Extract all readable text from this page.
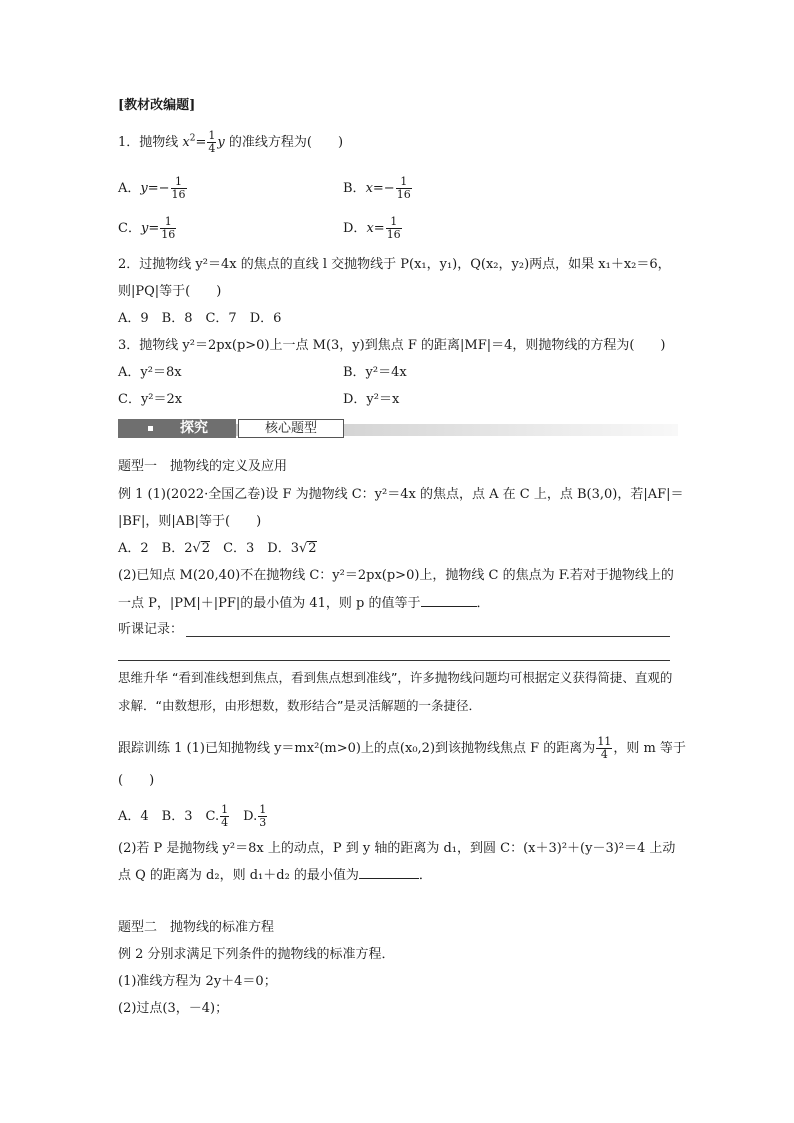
[教材改编题]
1．抛物线 $x^2= \frac{1}{4}$ y 的准线方程为(　　)
A．$y=- \frac{1}{16}$	B．$x=- \frac{1}{16}$
C．$y= \frac{1}{16}$	D．$x= \frac{1}{16}$
2．过抛物线 y²＝4x 的焦点的直线 l 交抛物线于 P(x₁，y₁)，Q(x₂，y₂)两点，如果 x₁＋x₂＝6，
则|PQ|等于(　　)
A．9　B．8　C．7　D．6
3．抛物线 y²＝2px(p>0)上一点 M(3，y)到焦点 F 的距离|MF|＝4，则抛物线的方程为(　　)
A．y²＝8x	B．y²＝4x
C．y²＝2x	D．y²＝x
探究	核心题型
题型一　抛物线的定义及应用
例 1 (1)(2022·全国乙卷)设 F 为抛物线 C：y²＝4x 的焦点，点 A 在 C 上，点 B(3,0)，若|AF|＝
|BF|，则|AB|等于(　　)
A．2　B．2√2　C．3　D．3√2
(2)已知点 M(20,40)不在抛物线 C：y²＝2px(p>0)上，抛物线 C 的焦点为 F.若对于抛物线上的
一点 P，|PM|＋|PF|的最小值为 41，则 p 的值等于	．
听课记录：
思维升华 “看到准线想到焦点，看到焦点想到准线”，许多抛物线问题均可根据定义获得简捷、直观的求解．“由数想形，由形想数，数形结合”是灵活解题的一条捷径．
跟踪训练 1 (1)已知抛物线 y＝mx²(m>0)上的点(x₀,2)到该抛物线焦点 F 的距离为 $\frac{11}{4}$ ，则 m 等于
(　　)
A．4　B．3　C. $\frac{1}{4}$ 　D. $\frac{1}{3}$
(2)若 P 是抛物线 y²＝8x 上的动点，P 到 y 轴的距离为 d₁，到圆 C：(x＋3)²＋(y－3)²＝4 上动
点 Q 的距离为 d₂，则 d₁＋d₂ 的最小值为	．
题型二　抛物线的标准方程
例 2 分别求满足下列条件的抛物线的标准方程．
(1)准线方程为 2y＋4＝0；
(2)过点(3，－4)；
